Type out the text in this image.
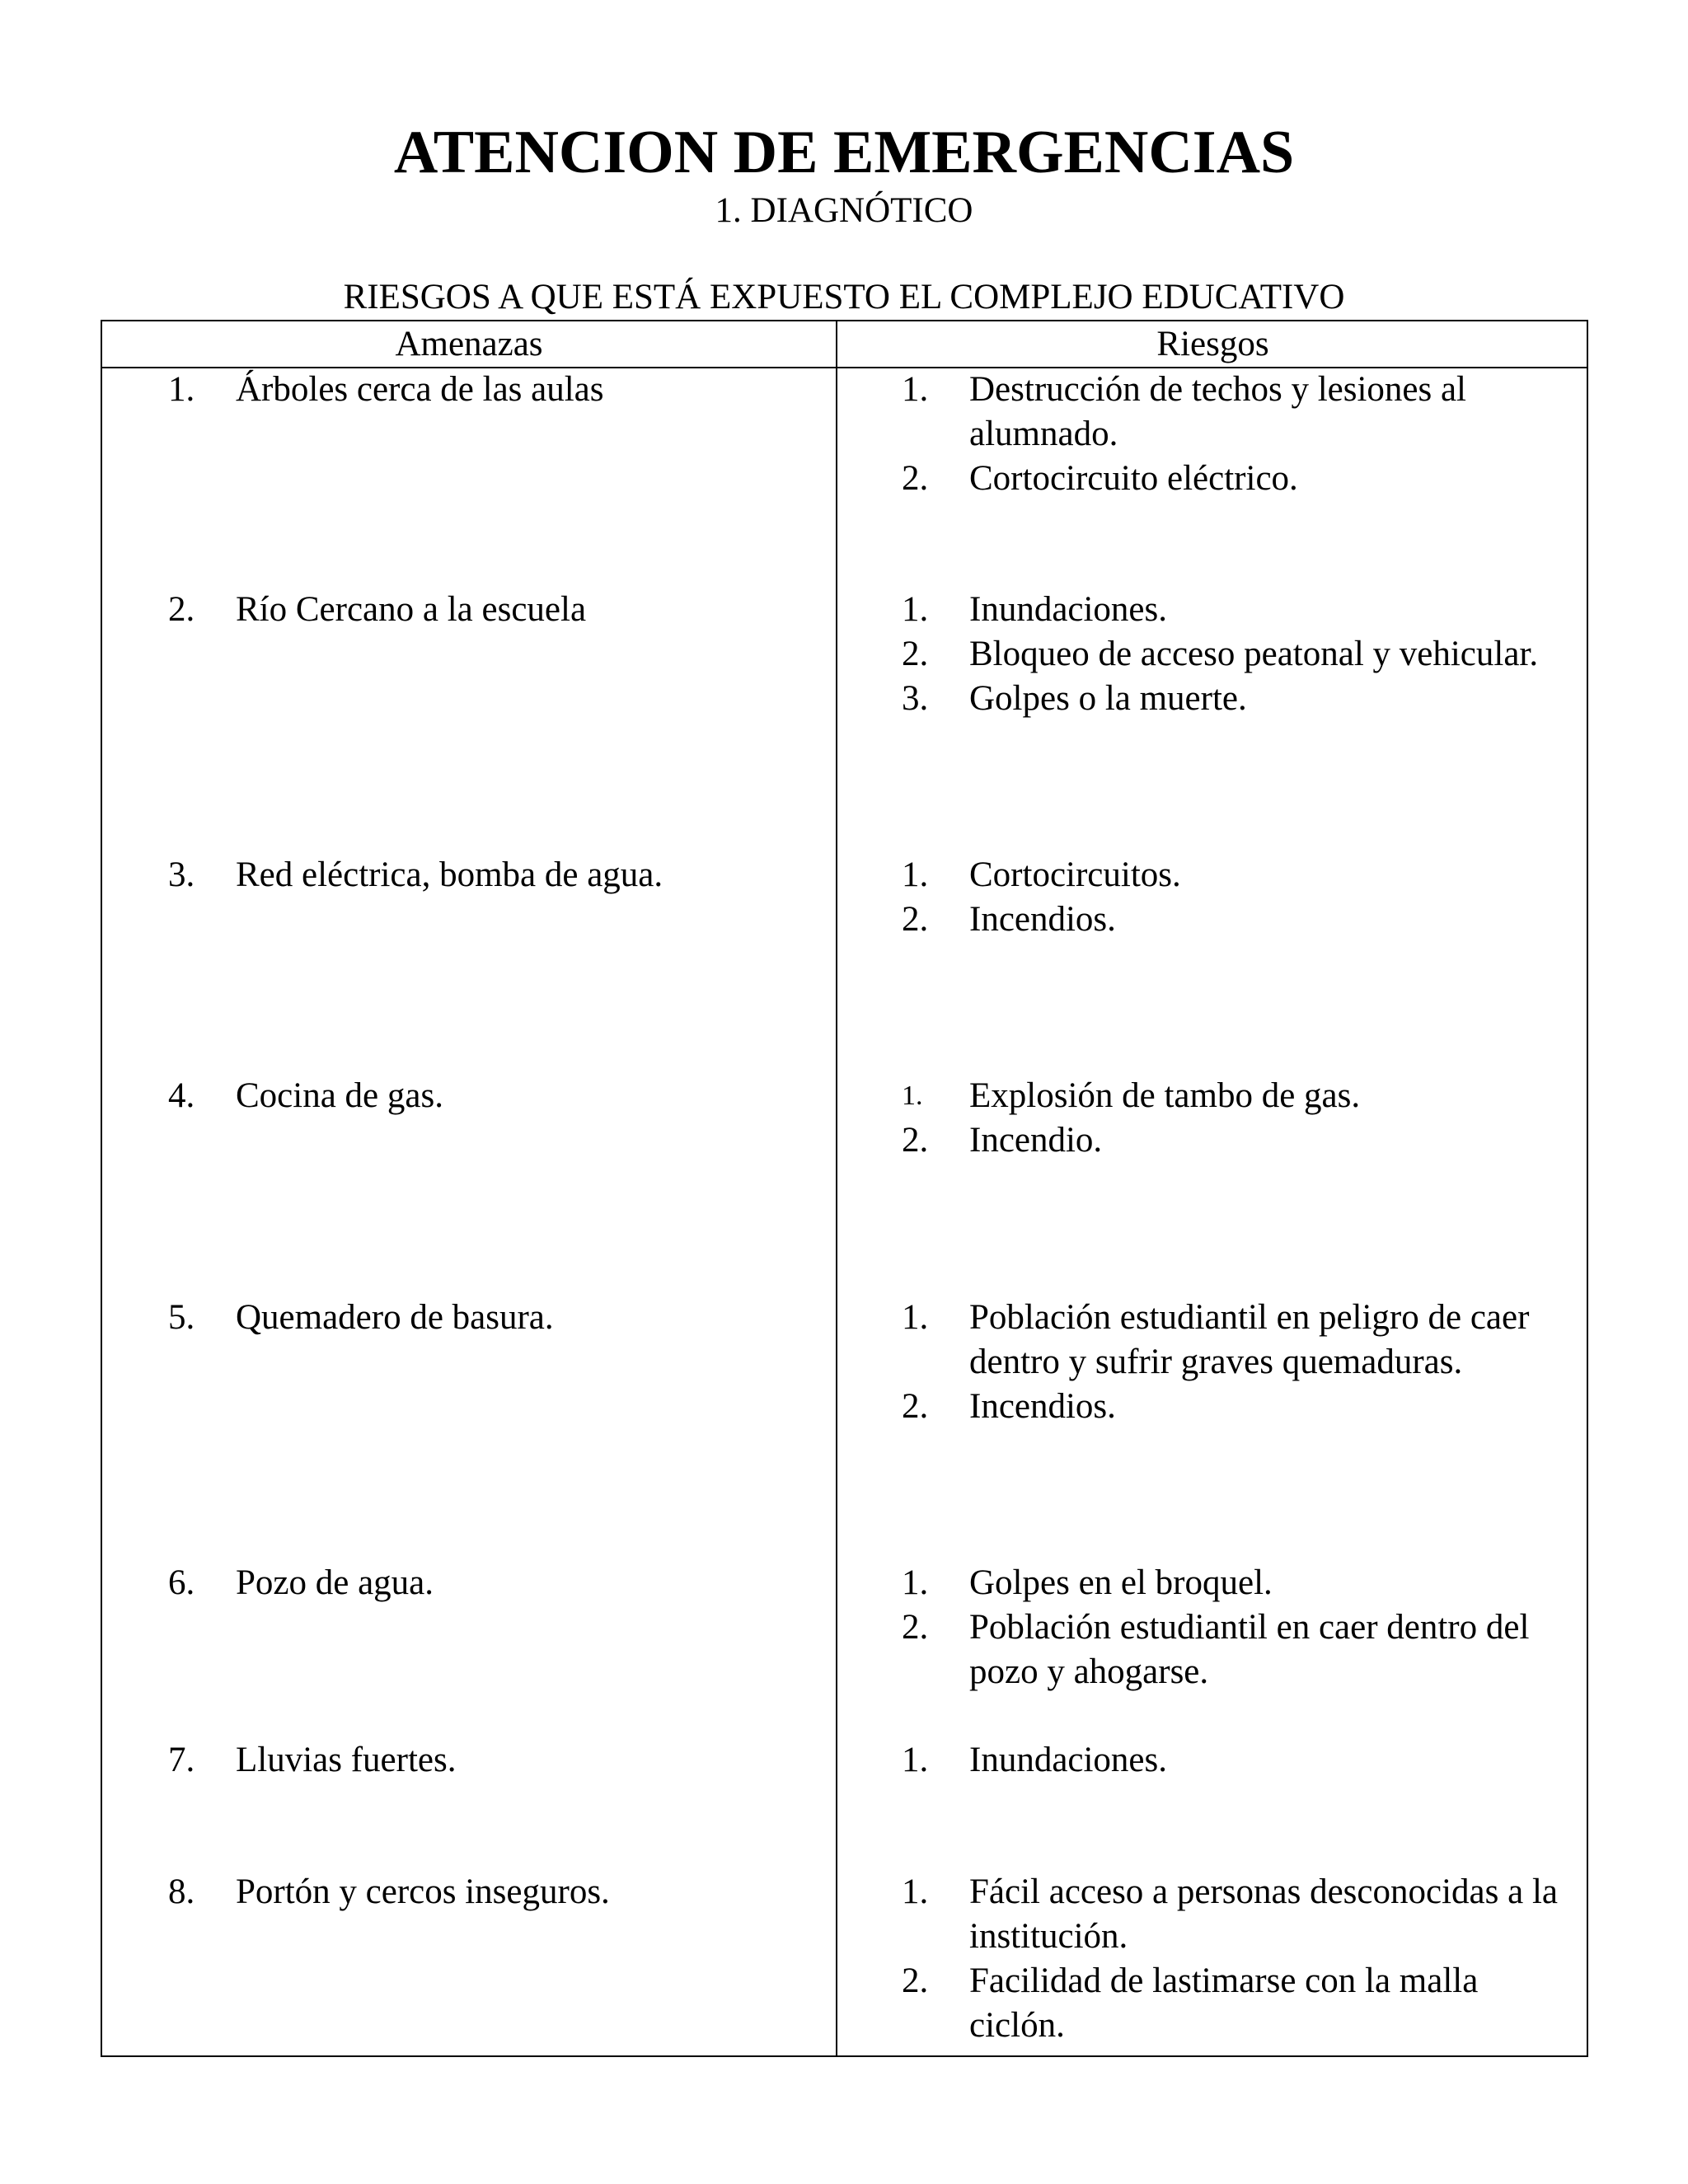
ATENCION DE EMERGENCIAS
1. DIAGNÓTICO
RIESGOS A QUE ESTÁ EXPUESTO EL COMPLEJO EDUCATIVO
Amenazas	Riesgos
1. Árboles cerca de las aulas	1.	Destrucción de techos y lesiones al alumnado.
2.	Cortocircuito eléctrico.
2. Río Cercano a la escuela	1.	Inundaciones.
2.	Bloqueo de acceso peatonal y vehicular.
3.	Golpes o la muerte.
3. Red eléctrica, bomba de agua.	1.	Cortocircuitos.
2.	Incendios.
4. Cocina de gas.	1.	Explosión de tambo de gas.
2.	Incendio.
5. Quemadero de basura.	1.	Población estudiantil en peligro de caer dentro y sufrir graves quemaduras.
2.	Incendios.
6. Pozo de agua.	1.	Golpes en el broquel.
2.	Población estudiantil en caer dentro del pozo y ahogarse.
7. Lluvias fuertes.	1.	Inundaciones.
8. Portón y cercos inseguros.	1.	Fácil acceso a personas desconocidas a la institución.
2.	Facilidad de lastimarse con la malla ciclón.
